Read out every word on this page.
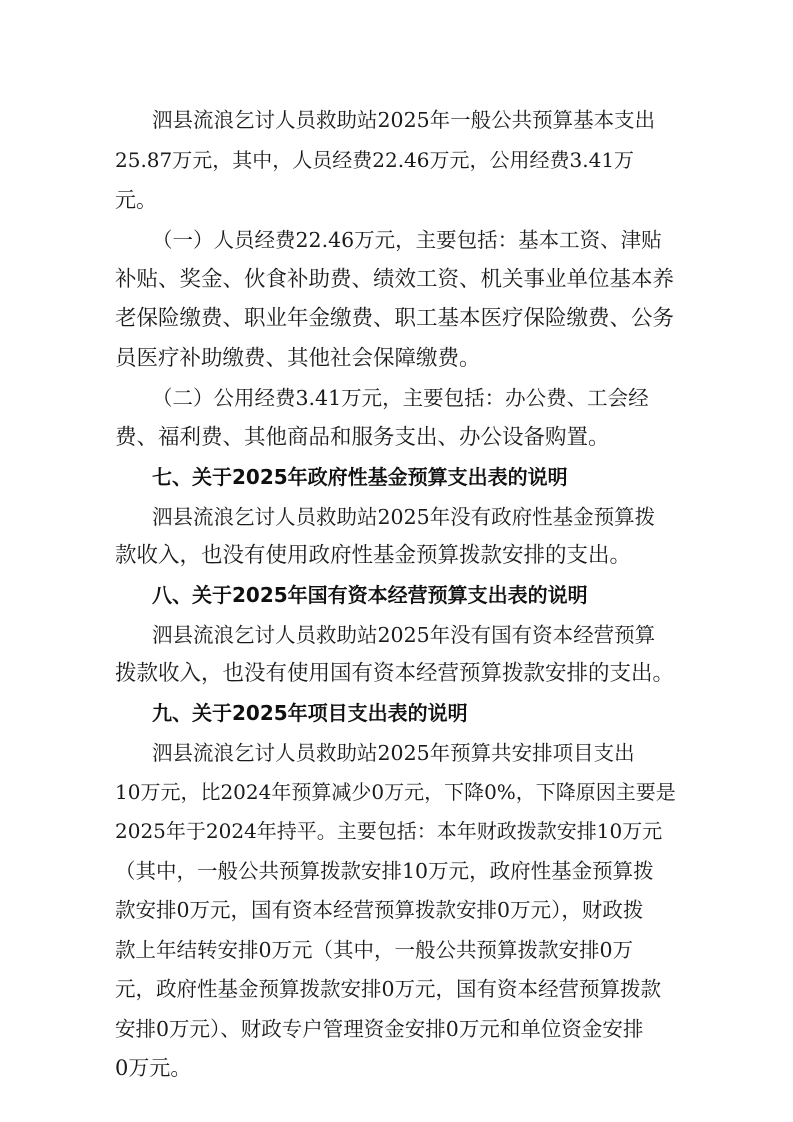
泗县流浪乞讨人员救助站2025年一般公共预算基本支出
25.87万元，其中，人员经费22.46万元，公用经费3.41万
元。
（一）人员经费22.46万元，主要包括：基本工资、津贴
补贴、奖金、伙食补助费、绩效工资、机关事业单位基本养
老保险缴费、职业年金缴费、职工基本医疗保险缴费、公务
员医疗补助缴费、其他社会保障缴费。
（二）公用经费3.41万元，主要包括：办公费、工会经
费、福利费、其他商品和服务支出、办公设备购置。
七、关于2025年政府性基金预算支出表的说明
泗县流浪乞讨人员救助站2025年没有政府性基金预算拨
款收入，也没有使用政府性基金预算拨款安排的支出。
八、关于2025年国有资本经营预算支出表的说明
泗县流浪乞讨人员救助站2025年没有国有资本经营预算
拨款收入，也没有使用国有资本经营预算拨款安排的支出。
九、关于2025年项目支出表的说明
泗县流浪乞讨人员救助站2025年预算共安排项目支出
10万元，比2024年预算减少0万元，下降0%，下降原因主要是
2025年于2024年持平。主要包括：本年财政拨款安排10万元
（其中，一般公共预算拨款安排10万元，政府性基金预算拨
款安排0万元，国有资本经营预算拨款安排0万元），财政拨
款上年结转安排0万元（其中，一般公共预算拨款安排0万
元，政府性基金预算拨款安排0万元，国有资本经营预算拨款
安排0万元）、财政专户管理资金安排0万元和单位资金安排
0万元。
